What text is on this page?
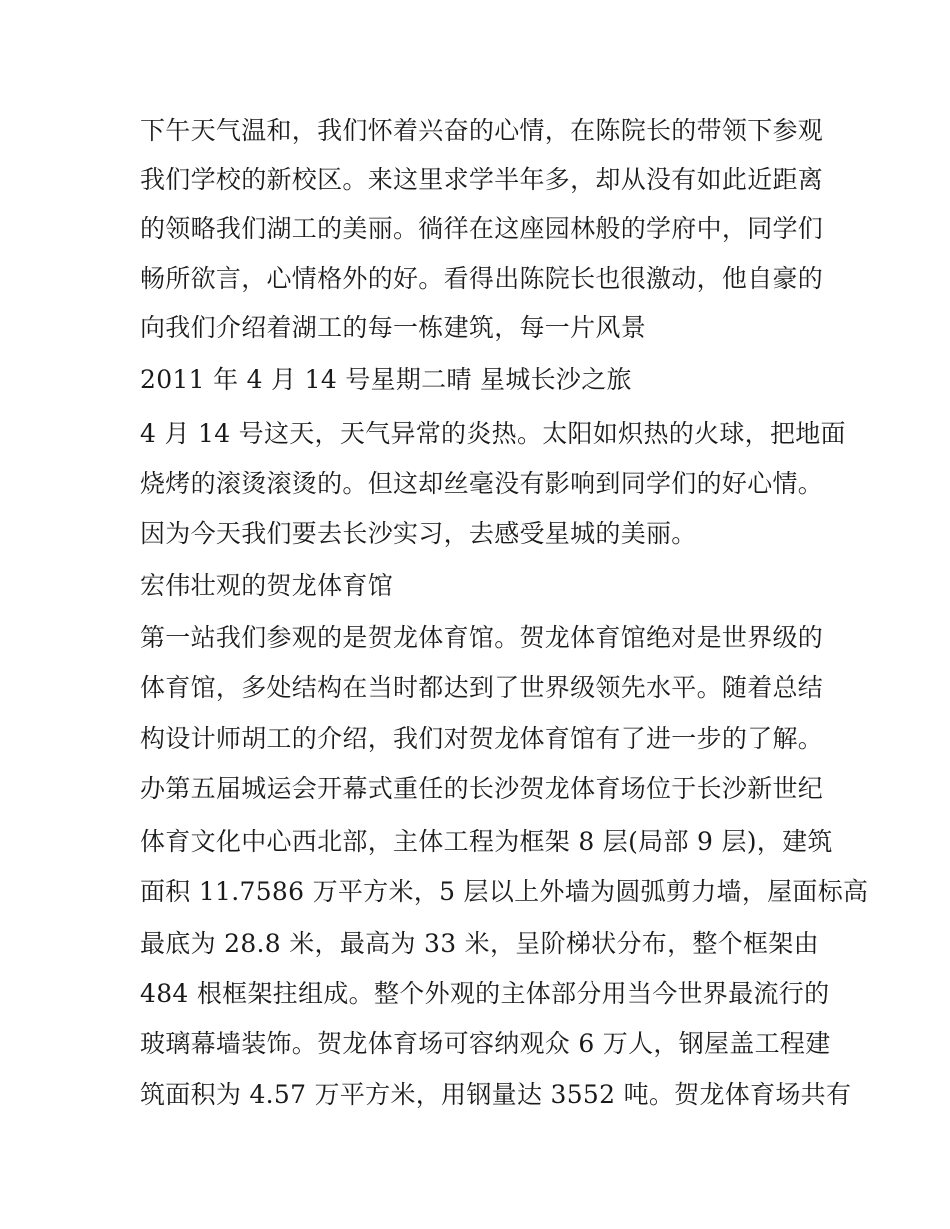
下午天气温和，我们怀着兴奋的心情，在陈院长的带领下参观
我们学校的新校区。来这里求学半年多，却从没有如此近距离
的领略我们湖工的美丽。徜徉在这座园林般的学府中，同学们
畅所欲言，心情格外的好。看得出陈院长也很激动，他自豪的
向我们介绍着湖工的每一栋建筑，每一片风景
2011 年 4 月 14 号星期二晴 星城长沙之旅
4 月 14 号这天，天气异常的炎热。太阳如炽热的火球，把地面
烧烤的滚烫滚烫的。但这却丝毫没有影响到同学们的好心情。
因为今天我们要去长沙实习，去感受星城的美丽。
宏伟壮观的贺龙体育馆
第一站我们参观的是贺龙体育馆。贺龙体育馆绝对是世界级的
体育馆，多处结构在当时都达到了世界级领先水平。随着总结
构设计师胡工的介绍，我们对贺龙体育馆有了进一步的了解。
办第五届城运会开幕式重任的长沙贺龙体育场位于长沙新世纪
体育文化中心西北部，主体工程为框架 8 层(局部 9 层)，建筑
面积 11.7586 万平方米，5 层以上外墙为圆弧剪力墙，屋面标高
最底为 28.8 米，最高为 33 米，呈阶梯状分布，整个框架由
484 根框架拄组成。整个外观的主体部分用当今世界最流行的
玻璃幕墙装饰。贺龙体育场可容纳观众 6 万人，钢屋盖工程建
筑面积为 4.57 万平方米，用钢量达 3552 吨。贺龙体育场共有
